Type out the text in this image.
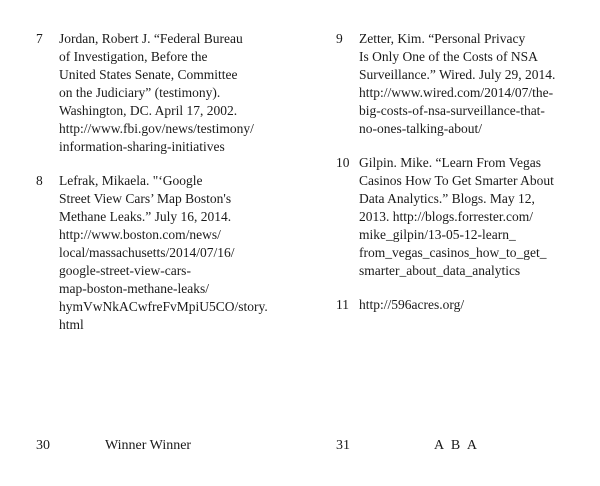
7	Jordan, Robert J. “Federal Bureau
of Investigation, Before the
United States Senate, Committee
on the Judiciary” (testimony).
Washington, DC. April 17, 2002.
http://www.fbi.gov/news/testimony/
information-sharing-initiatives
8	Lefrak, Mikaela. "‘Google
Street View Cars’ Map Boston's
Methane Leaks.” July 16, 2014.
http://www.boston.com/news/
local/massachusetts/2014/07/16/
google-street-view-cars-
map-boston-methane-leaks/
hymVwNkACwfreFvMpiU5CO/story.
html
30	Winner Winner
9	Zetter, Kim. “Personal Privacy
Is Only One of the Costs of NSA
Surveillance.” Wired. July 29, 2014.
http://www.wired.com/2014/07/the-
big-costs-of-nsa-surveillance-that-
no-ones-talking-about/
10 Gilpin. Mike. “Learn From Vegas
Casinos How To Get Smarter About
Data Analytics.” Blogs. May 12,
2013. http://blogs.forrester.com/
mike_gilpin/13-05-12-learn_
from_vegas_casinos_how_to_get_
smarter_about_data_analytics
11 http://596acres.org/
31	A B A
